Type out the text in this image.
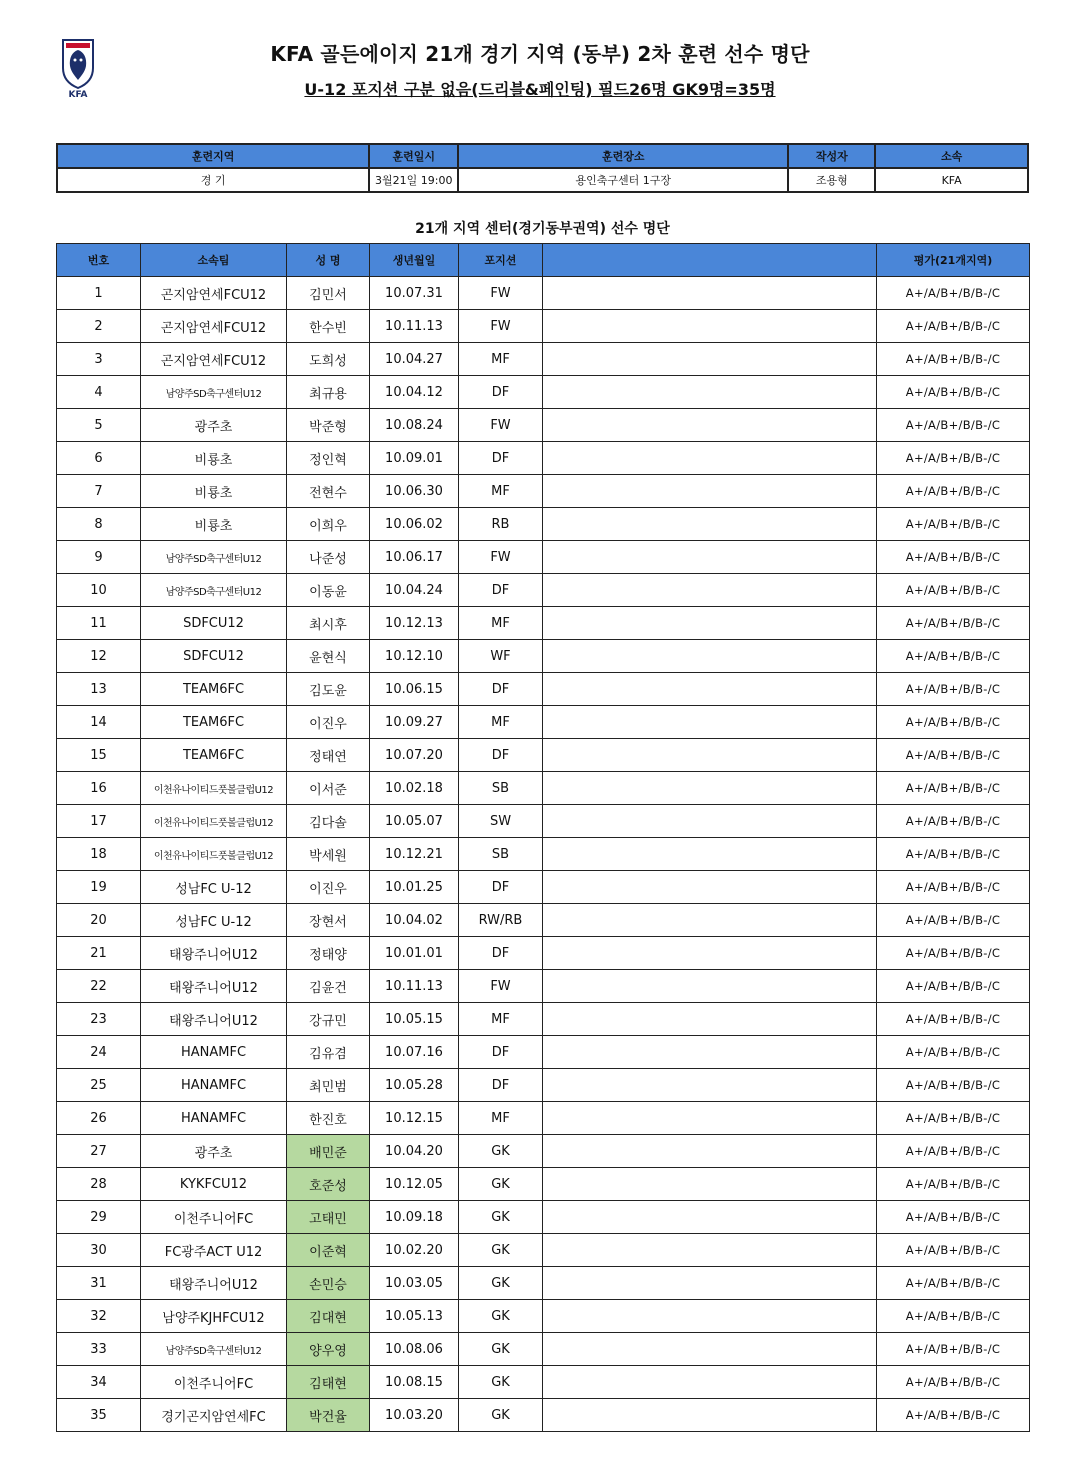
KFA
KFA 골든에이지 21개 경기 지역 (동부) 2차 훈련 선수 명단
U-12 포지션 구분 없음(드리블&페인팅) 필드26명 GK9명=35명
훈련지역	훈련일시	훈련장소	작성자	소속
경 기	3월21일 19:00	용인축구센터 1구장	조용형	KFA
21개 지역 센터(경기동부권역) 선수 명단
번호	소속팀	성 명	생년월일	포지션		평가(21개지역)
1	곤지암연세FCU12	김민서	10.07.31	FW		A+/A/B+/B/B-/C
2	곤지암연세FCU12	한수빈	10.11.13	FW		A+/A/B+/B/B-/C
3	곤지암연세FCU12	도희성	10.04.27	MF		A+/A/B+/B/B-/C
4	남양주SD축구센터U12	최규용	10.04.12	DF		A+/A/B+/B/B-/C
5	광주초	박준형	10.08.24	FW		A+/A/B+/B/B-/C
6	비룡초	정인혁	10.09.01	DF		A+/A/B+/B/B-/C
7	비룡초	전현수	10.06.30	MF		A+/A/B+/B/B-/C
8	비룡초	이희우	10.06.02	RB		A+/A/B+/B/B-/C
9	남양주SD축구센터U12	나준성	10.06.17	FW		A+/A/B+/B/B-/C
10	남양주SD축구센터U12	이동윤	10.04.24	DF		A+/A/B+/B/B-/C
11	SDFCU12	최시후	10.12.13	MF		A+/A/B+/B/B-/C
12	SDFCU12	윤현식	10.12.10	WF		A+/A/B+/B/B-/C
13	TEAM6FC	김도윤	10.06.15	DF		A+/A/B+/B/B-/C
14	TEAM6FC	이진우	10.09.27	MF		A+/A/B+/B/B-/C
15	TEAM6FC	정태연	10.07.20	DF		A+/A/B+/B/B-/C
16	이천유나이티드풋볼클럽U12	이서준	10.02.18	SB		A+/A/B+/B/B-/C
17	이천유나이티드풋볼클럽U12	김다솔	10.05.07	SW		A+/A/B+/B/B-/C
18	이천유나이티드풋볼클럽U12	박세원	10.12.21	SB		A+/A/B+/B/B-/C
19	성남FC U-12	이진우	10.01.25	DF		A+/A/B+/B/B-/C
20	성남FC U-12	장현서	10.04.02	RW/RB		A+/A/B+/B/B-/C
21	태왕주니어U12	정태양	10.01.01	DF		A+/A/B+/B/B-/C
22	태왕주니어U12	김윤건	10.11.13	FW		A+/A/B+/B/B-/C
23	태왕주니어U12	강규민	10.05.15	MF		A+/A/B+/B/B-/C
24	HANAMFC	김유겸	10.07.16	DF		A+/A/B+/B/B-/C
25	HANAMFC	최민범	10.05.28	DF		A+/A/B+/B/B-/C
26	HANAMFC	한진호	10.12.15	MF		A+/A/B+/B/B-/C
27	광주초	배민준	10.04.20	GK		A+/A/B+/B/B-/C
28	KYKFCU12	호준성	10.12.05	GK		A+/A/B+/B/B-/C
29	이천주니어FC	고태민	10.09.18	GK		A+/A/B+/B/B-/C
30	FC광주ACT U12	이준혁	10.02.20	GK		A+/A/B+/B/B-/C
31	태왕주니어U12	손민승	10.03.05	GK		A+/A/B+/B/B-/C
32	남양주KJHFCU12	김대현	10.05.13	GK		A+/A/B+/B/B-/C
33	남양주SD축구센터U12	양우영	10.08.06	GK		A+/A/B+/B/B-/C
34	이천주니어FC	김태현	10.08.15	GK		A+/A/B+/B/B-/C
35	경기곤지암연세FC	박건율	10.03.20	GK		A+/A/B+/B/B-/C
